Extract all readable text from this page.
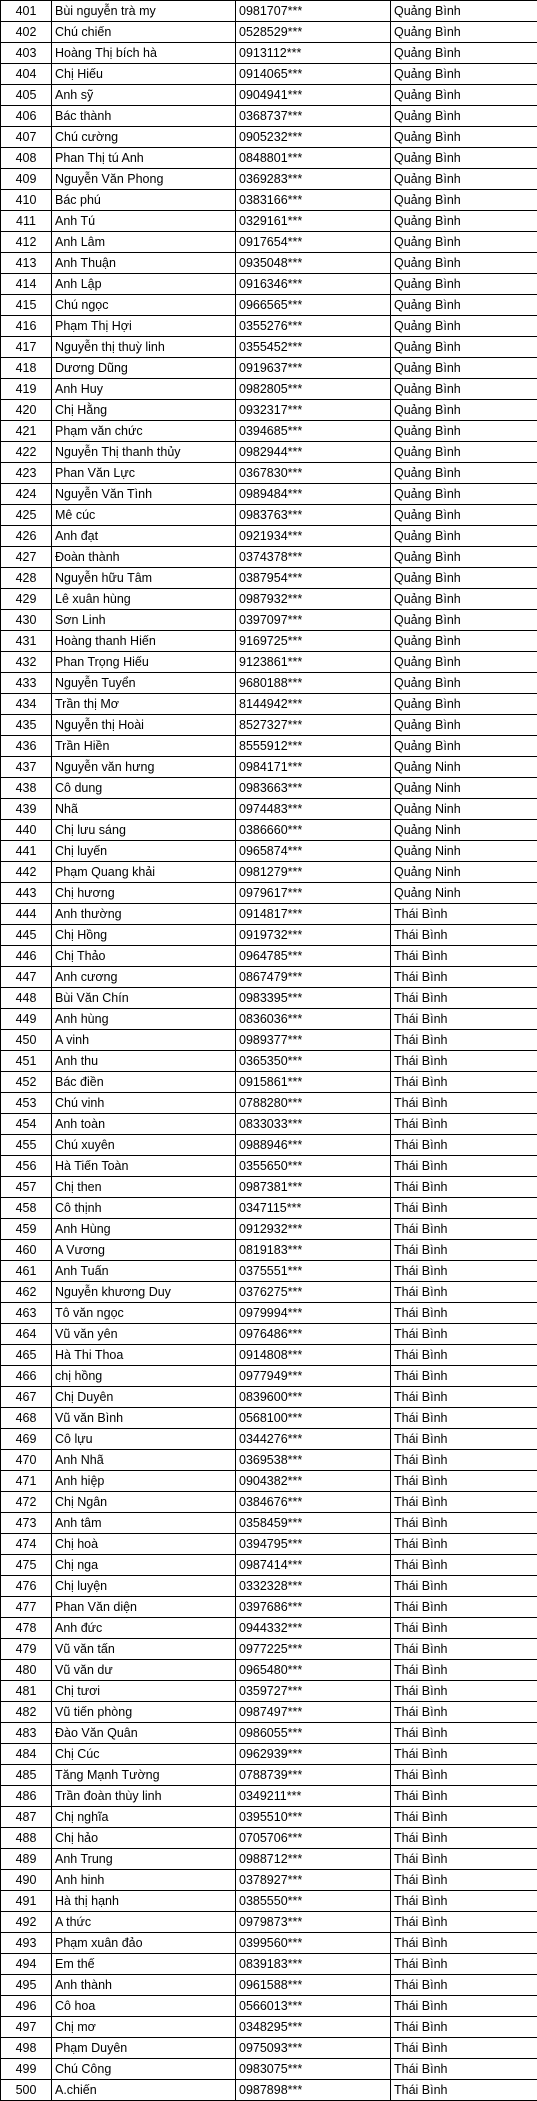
401	Bùi nguyễn trà my	0981707***	Quảng Bình
402	Chú chiến	0528529***	Quảng Bình
403	Hoàng Thị bích hà	0913112***	Quảng Bình
404	Chị Hiếu	0914065***	Quảng Bình
405	Anh sỹ	0904941***	Quảng Bình
406	Bác thành	0368737***	Quảng Bình
407	Chú cường	0905232***	Quảng Bình
408	Phan Thị tú Anh	0848801***	Quảng Bình
409	Nguyễn Văn Phong	0369283***	Quảng Bình
410	Bác phú	0383166***	Quảng Bình
411	Anh Tú	0329161***	Quảng Bình
412	Anh Lâm	0917654***	Quảng Bình
413	Anh Thuận	0935048***	Quảng Bình
414	Anh Lập	0916346***	Quảng Bình
415	Chú ngọc	0966565***	Quảng Bình
416	Phạm Thị Hợi	0355276***	Quảng Bình
417	Nguyễn thị thuỳ linh	0355452***	Quảng Bình
418	Dương Dũng	0919637***	Quảng Bình
419	Anh Huy	0982805***	Quảng Bình
420	Chị Hằng	0932317***	Quảng Bình
421	Phạm văn chức	0394685***	Quảng Bình
422	Nguyễn Thị thanh thủy	0982944***	Quảng Bình
423	Phan Văn Lực	0367830***	Quảng Bình
424	Nguyễn Văn Tình	0989484***	Quảng Bình
425	Mê cúc	0983763***	Quảng Bình
426	Anh đạt	0921934***	Quảng Bình
427	Đoàn thành	0374378***	Quảng Bình
428	Nguyễn hữu Tâm	0387954***	Quảng Bình
429	Lê xuân hùng	0987932***	Quảng Bình
430	Sơn Linh	0397097***	Quảng Bình
431	Hoàng thanh Hiến	9169725***	Quảng Bình
432	Phan Trọng Hiếu	9123861***	Quảng Bình
433	Nguyễn Tuyển	9680188***	Quảng Bình
434	Trần thị Mơ	8144942***	Quảng Bình
435	Nguyễn thị Hoài	8527327***	Quảng Bình
436	Trần Hiền	8555912***	Quảng Bình
437	Nguyễn văn hưng	0984171***	Quảng Ninh
438	Cô dung	0983663***	Quảng Ninh
439	Nhã	0974483***	Quảng Ninh
440	Chị lưu sáng	0386660***	Quảng Ninh
441	Chị luyến	0965874***	Quảng Ninh
442	Phạm Quang khải	0981279***	Quảng Ninh
443	Chị hương	0979617***	Quảng Ninh
444	Anh thường	0914817***	Thái Bình
445	Chị Hồng	0919732***	Thái Bình
446	Chị Thảo	0964785***	Thái Bình
447	Anh cương	0867479***	Thái Bình
448	Bùi Văn Chín	0983395***	Thái Bình
449	Anh hùng	0836036***	Thái Bình
450	A vinh	0989377***	Thái Bình
451	Anh thu	0365350***	Thái Bình
452	Bác điền	0915861***	Thái Bình
453	Chú vinh	0788280***	Thái Bình
454	Anh toàn	0833033***	Thái Bình
455	Chú xuyên	0988946***	Thái Bình
456	Hà Tiến Toàn	0355650***	Thái Bình
457	Chị then	0987381***	Thái Bình
458	Cô thịnh	0347115***	Thái Bình
459	Anh Hùng	0912932***	Thái Bình
460	A Vương	0819183***	Thái Bình
461	Anh Tuấn	0375551***	Thái Bình
462	Nguyễn khương Duy	0376275***	Thái Bình
463	Tô văn ngọc	0979994***	Thái Bình
464	Vũ văn yên	0976486***	Thái Bình
465	Hà Thi Thoa	0914808***	Thái Bình
466	chị hồng	0977949***	Thái Bình
467	Chị Duyên	0839600***	Thái Bình
468	Vũ văn Bình	0568100***	Thái Bình
469	Cô lựu	0344276***	Thái Bình
470	Anh Nhã	0369538***	Thái Bình
471	Anh hiệp	0904382***	Thái Bình
472	Chị Ngân	0384676***	Thái Bình
473	Anh tâm	0358459***	Thái Bình
474	Chị hoà	0394795***	Thái Bình
475	Chị nga	0987414***	Thái Bình
476	Chị luyện	0332328***	Thái Bình
477	Phan Văn diện	0397686***	Thái Bình
478	Anh đức	0944332***	Thái Bình
479	Vũ văn tấn	0977225***	Thái Bình
480	Vũ văn dư	0965480***	Thái Bình
481	Chị tươi	0359727***	Thái Bình
482	Vũ tiến phòng	0987497***	Thái Bình
483	Đào Văn Quân	0986055***	Thái Bình
484	Chị Cúc	0962939***	Thái Bình
485	Tăng Mạnh Tường	0788739***	Thái Bình
486	Trần đoàn thùy linh	0349211***	Thái Bình
487	Chị nghĩa	0395510***	Thái Bình
488	Chị hảo	0705706***	Thái Bình
489	Anh Trung	0988712***	Thái Bình
490	Anh hinh	0378927***	Thái Bình
491	Hà thị hạnh	0385550***	Thái Bình
492	A thức	0979873***	Thái Bình
493	Phạm xuân đảo	0399560***	Thái Bình
494	Em thế	0839183***	Thái Bình
495	Anh thành	0961588***	Thái Bình
496	Cô hoa	0566013***	Thái Bình
497	Chị mơ	0348295***	Thái Bình
498	Phạm Duyên	0975093***	Thái Bình
499	Chú Công	0983075***	Thái Bình
500	A.chiến	0987898***	Thái Bình
